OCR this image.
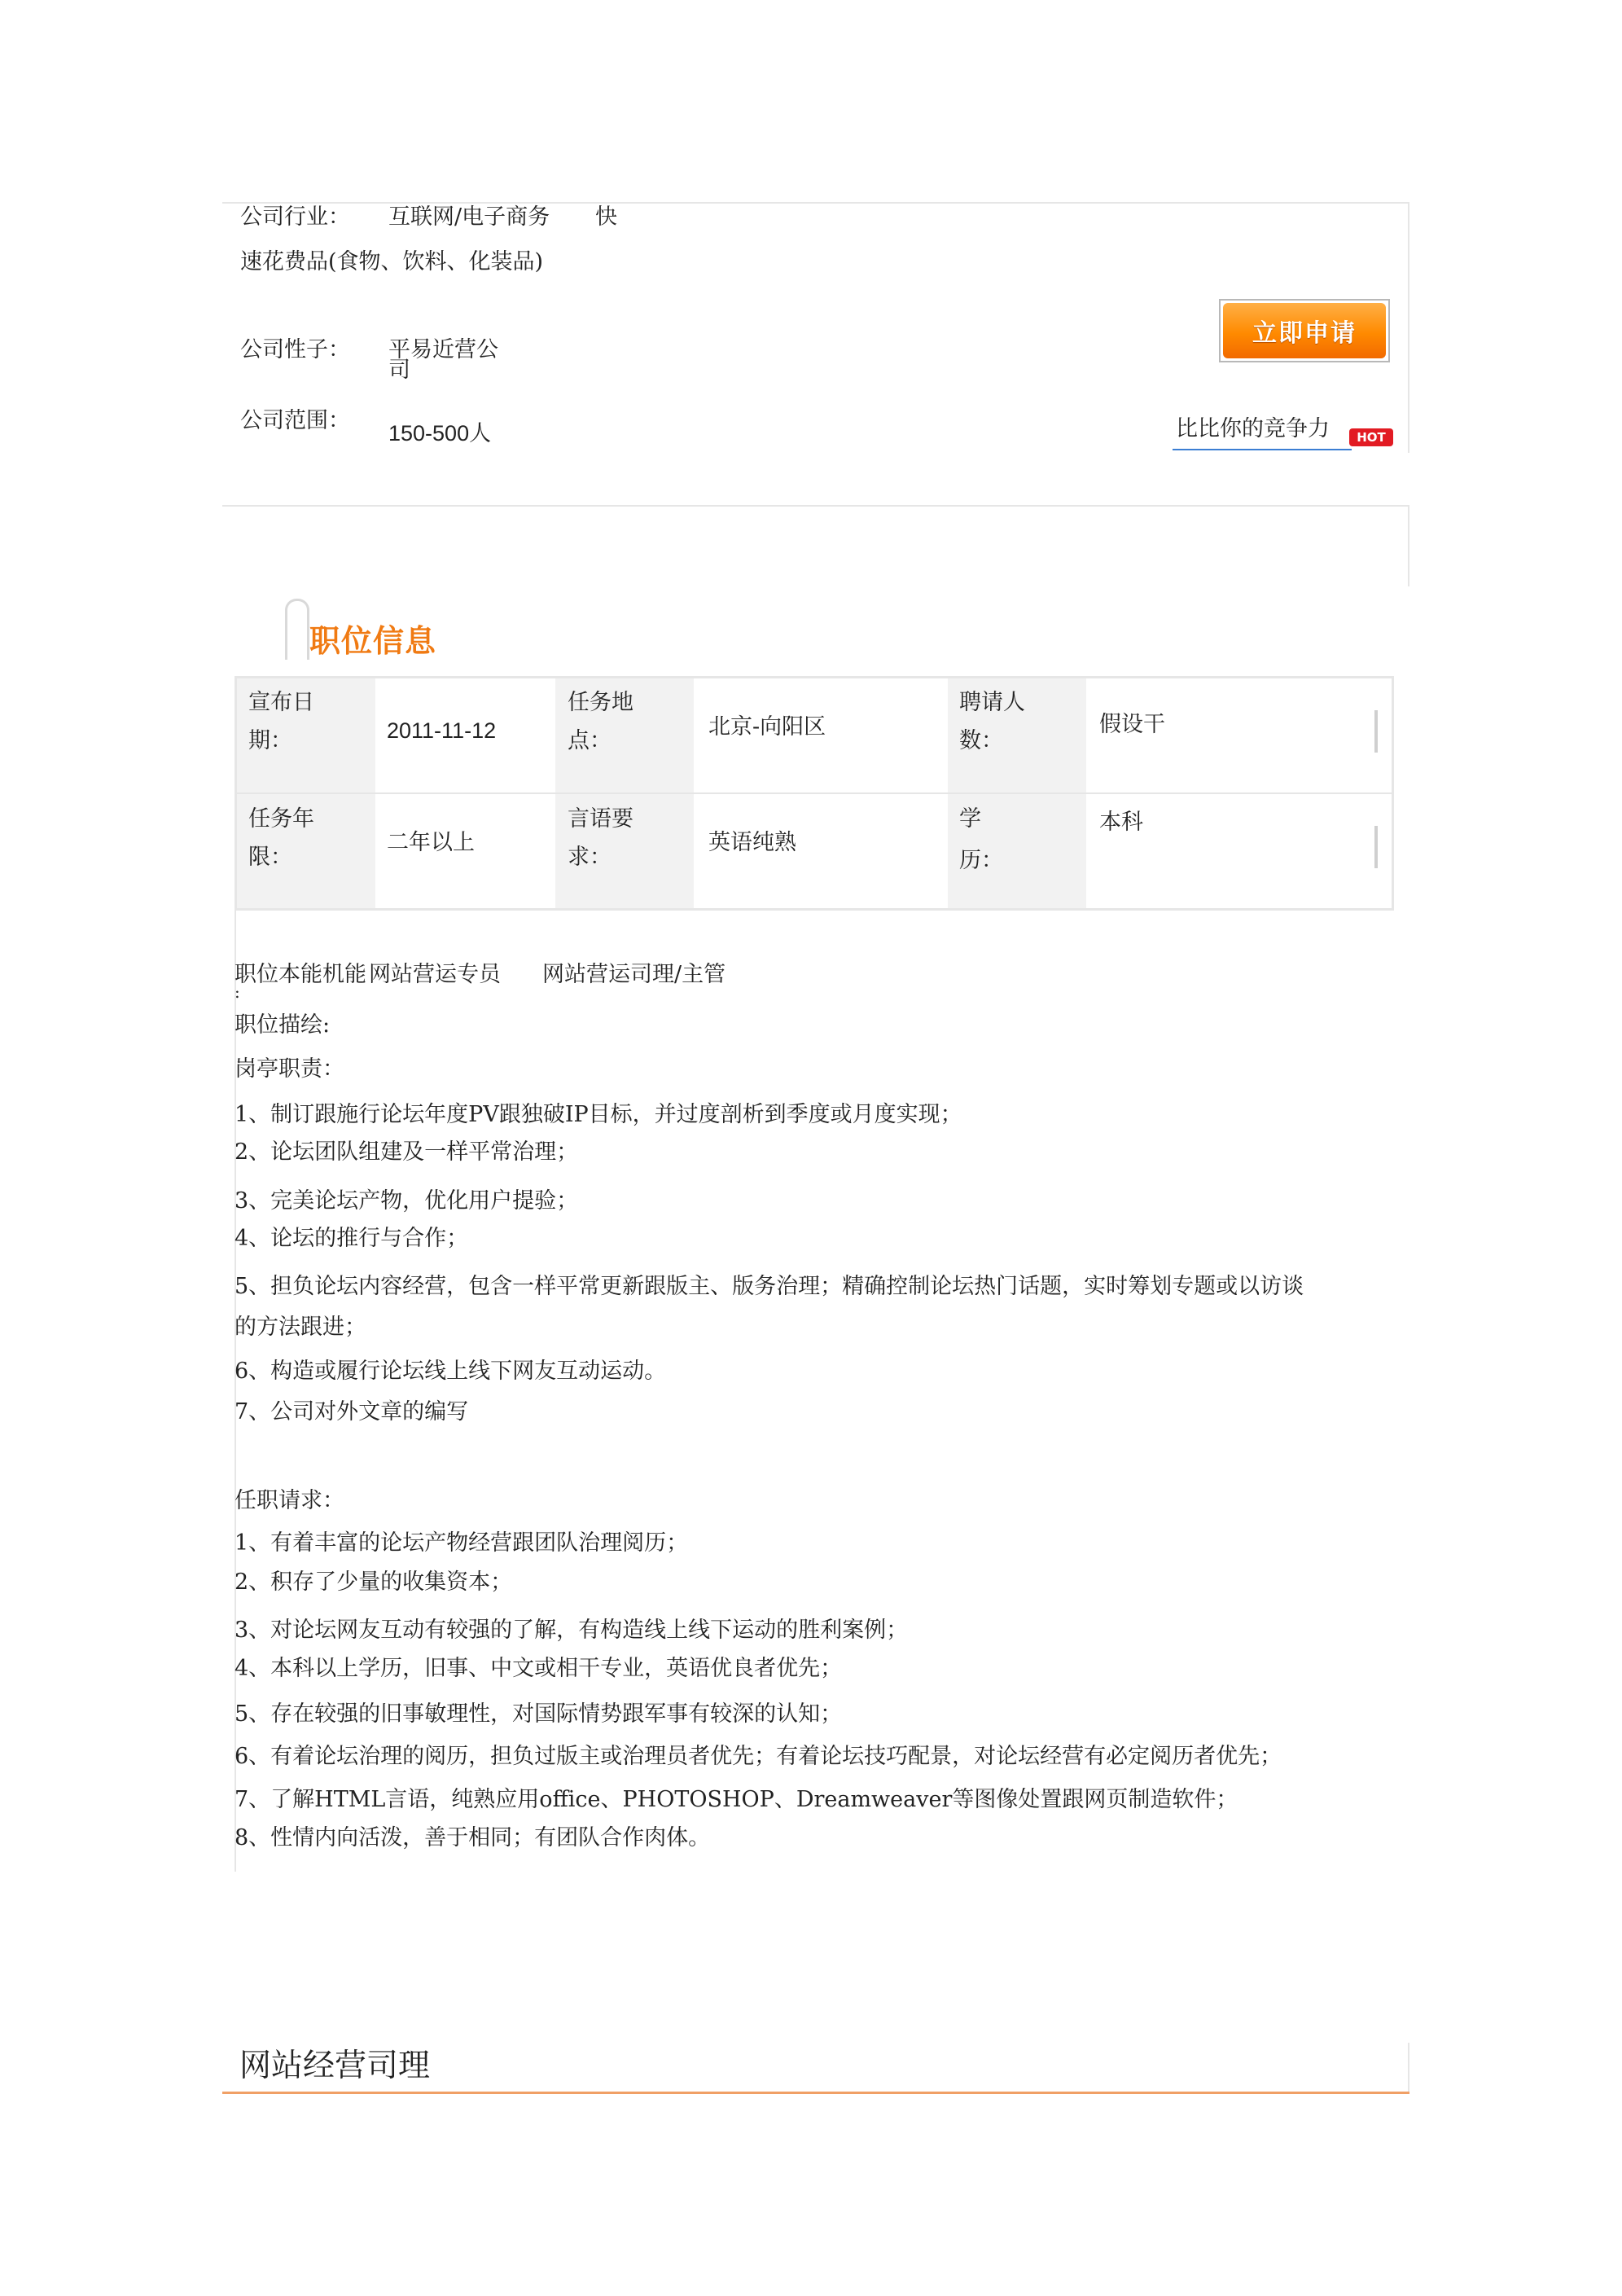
公司行业： 互联网/电子商务 快
速花费品(食物、饮料、化装品)
公司性子： 平易近营公
司
公司范围： 150-500人
立即申请
比比你的竞争力	HOT
职位信息
宣布日
期：	2011-11-12
任务地
点：
北京-向阳区
聘请人
数：
假设干
任务年
限：
二年以上
言语要
求：
英语纯熟
学
历：
本科
职位本能机能 网站营运专员 网站营运司理/主管
:
职位描绘:
岗亭职责：
1、制订跟施行论坛年度PV跟独破IP目标，并过度剖析到季度或月度实现；
2、论坛团队组建及一样平常治理；
3、完美论坛产物，优化用户提验；
4、论坛的推行与合作；
5、担负论坛内容经营，包含一样平常更新跟版主、版务治理；精确控制论坛热门话题，实时筹划专题或以访谈
的方法跟进；
6、构造或履行论坛线上线下网友互动运动。
7、公司对外文章的编写
任职请求：
1、有着丰富的论坛产物经营跟团队治理阅历；
2、积存了少量的收集资本；
3、对论坛网友互动有较强的了解，有构造线上线下运动的胜利案例；
4、本科以上学历，旧事、中文或相干专业，英语优良者优先；
5、存在较强的旧事敏理性，对国际情势跟军事有较深的认知；
6、有着论坛治理的阅历，担负过版主或治理员者优先；有着论坛技巧配景，对论坛经营有必定阅历者优先；
7、了解HTML言语，纯熟应用office、PHOTOSHOP、Dreamweaver等图像处置跟网页制造软件；
8、性情内向活泼，善于相同；有团队合作肉体。
网站经营司理
